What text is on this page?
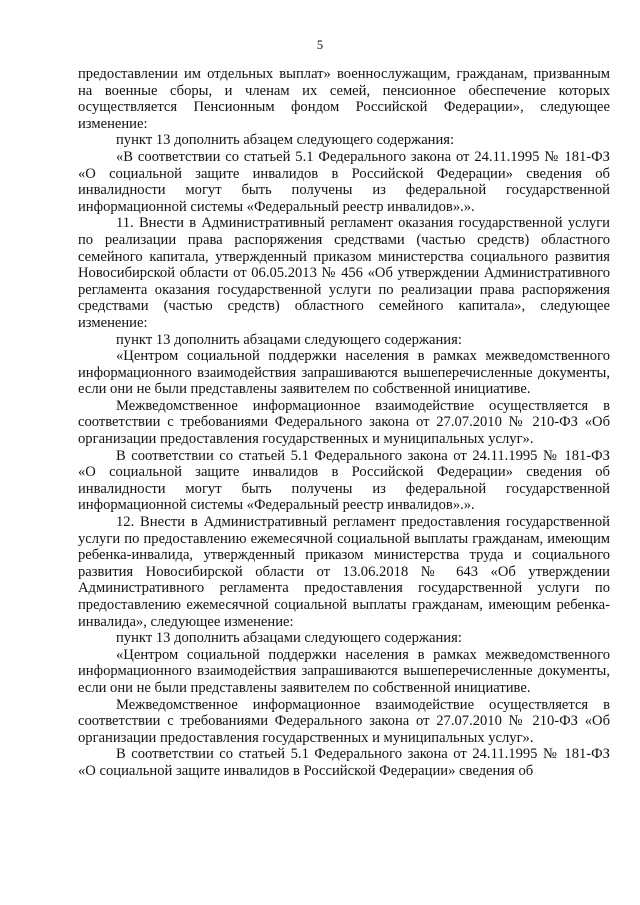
5

предоставлении им отдельных выплат» военнослужащим, гражданам, призванным на военные сборы, и членам их семей, пенсионное обеспечение которых осуществляется Пенсионным фондом Российской Федерации», следующее изменение:

пункт 13 дополнить абзацем следующего содержания:

«В соответствии со статьей 5.1 Федерального закона от 24.11.1995 № 181-ФЗ «О социальной защите инвалидов в Российской Федерации» сведения об инвалидности могут быть получены из федеральной государственной информационной системы «Федеральный реестр инвалидов».».

11. Внести в Административный регламент оказания государственной услуги по реализации права распоряжения средствами (частью средств) областного семейного капитала, утвержденный приказом министерства социального развития Новосибирской области от 06.05.2013 № 456 «Об утверждении Административного регламента оказания государственной услуги по реализации права распоряжения средствами (частью средств) областного семейного капитала», следующее изменение:

пункт 13 дополнить абзацами следующего содержания:

«Центром социальной поддержки населения в рамках межведомственного информационного взаимодействия запрашиваются вышеперечисленные документы, если они не были представлены заявителем по собственной инициативе.

Межведомственное информационное взаимодействие осуществляется в соответствии с требованиями Федерального закона от 27.07.2010 № 210-ФЗ «Об организации предоставления государственных и муниципальных услуг».

В соответствии со статьей 5.1 Федерального закона от 24.11.1995 № 181-ФЗ «О социальной защите инвалидов в Российской Федерации» сведения об инвалидности могут быть получены из федеральной государственной информационной системы «Федеральный реестр инвалидов».».

12. Внести в Административный регламент предоставления государственной услуги по предоставлению ежемесячной социальной выплаты гражданам, имеющим ребенка-инвалида, утвержденный приказом министерства труда и социального развития Новосибирской области от 13.06.2018 № 643 «Об утверждении Административного регламента предоставления государственной услуги по предоставлению ежемесячной социальной выплаты гражданам, имеющим ребенка-инвалида», следующее изменение:

пункт 13 дополнить абзацами следующего содержания:

«Центром социальной поддержки населения в рамках межведомственного информационного взаимодействия запрашиваются вышеперечисленные документы, если они не были представлены заявителем по собственной инициативе.

Межведомственное информационное взаимодействие осуществляется в соответствии с требованиями Федерального закона от 27.07.2010 № 210-ФЗ «Об организации предоставления государственных и муниципальных услуг».

В соответствии со статьей 5.1 Федерального закона от 24.11.1995 № 181-ФЗ «О социальной защите инвалидов в Российской Федерации» сведения об
